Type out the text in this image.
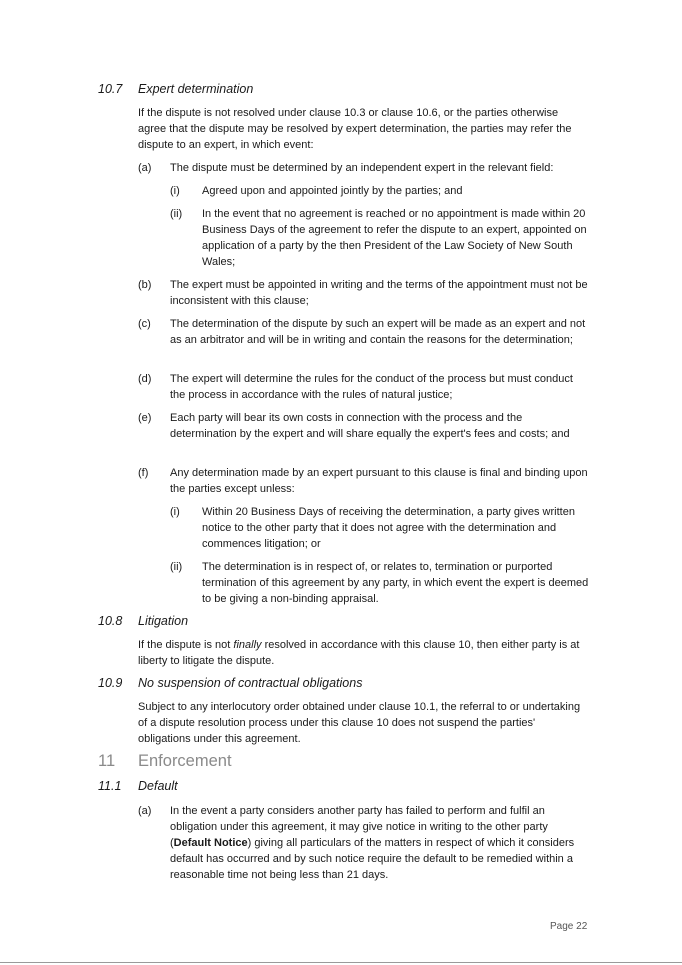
10.7 Expert determination
If the dispute is not resolved under clause 10.3 or clause 10.6, or the parties otherwise agree that the dispute may be resolved by expert determination, the parties may refer the dispute to an expert, in which event:
(a) The dispute must be determined by an independent expert in the relevant field:
(i) Agreed upon and appointed jointly by the parties; and
(ii) In the event that no agreement is reached or no appointment is made within 20 Business Days of the agreement to refer the dispute to an expert, appointed on application of a party by the then President of the Law Society of New South Wales;
(b) The expert must be appointed in writing and the terms of the appointment must not be inconsistent with this clause;
(c) The determination of the dispute by such an expert will be made as an expert and not as an arbitrator and will be in writing and contain the reasons for the determination;
(d) The expert will determine the rules for the conduct of the process but must conduct the process in accordance with the rules of natural justice;
(e) Each party will bear its own costs in connection with the process and the determination by the expert and will share equally the expert's fees and costs; and
(f) Any determination made by an expert pursuant to this clause is final and binding upon the parties except unless:
(i) Within 20 Business Days of receiving the determination, a party gives written notice to the other party that it does not agree with the determination and commences litigation; or
(ii) The determination is in respect of, or relates to, termination or purported termination of this agreement by any party, in which event the expert is deemed to be giving a non-binding appraisal.
10.8 Litigation
If the dispute is not finally resolved in accordance with this clause 10, then either party is at liberty to litigate the dispute.
10.9 No suspension of contractual obligations
Subject to any interlocutory order obtained under clause 10.1, the referral to or undertaking of a dispute resolution process under this clause 10 does not suspend the parties' obligations under this agreement.
11 Enforcement
11.1 Default
(a) In the event a party considers another party has failed to perform and fulfil an obligation under this agreement, it may give notice in writing to the other party (Default Notice) giving all particulars of the matters in respect of which it considers default has occurred and by such notice require the default to be remedied within a reasonable time not being less than 21 days.
Page 22
